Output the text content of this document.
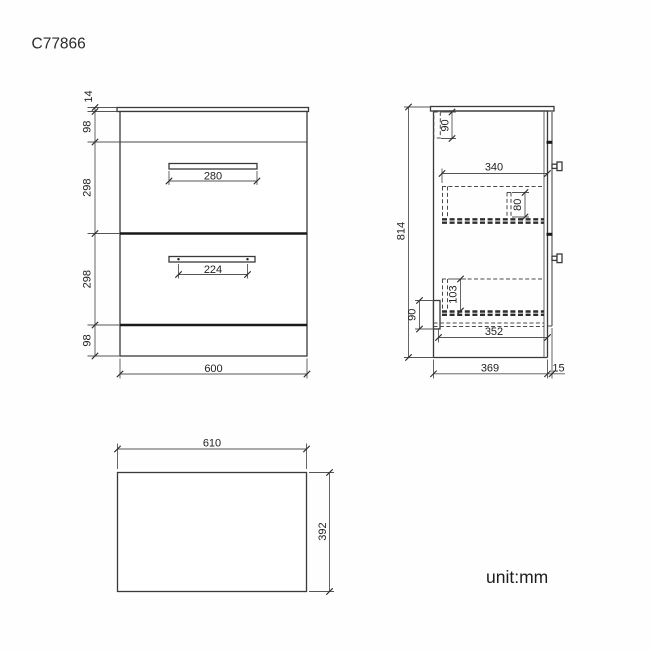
C77866
280
224
600
14
98
298
298
98
90
340
80
814
103
90
352
369	15
610
392
unit:mm
